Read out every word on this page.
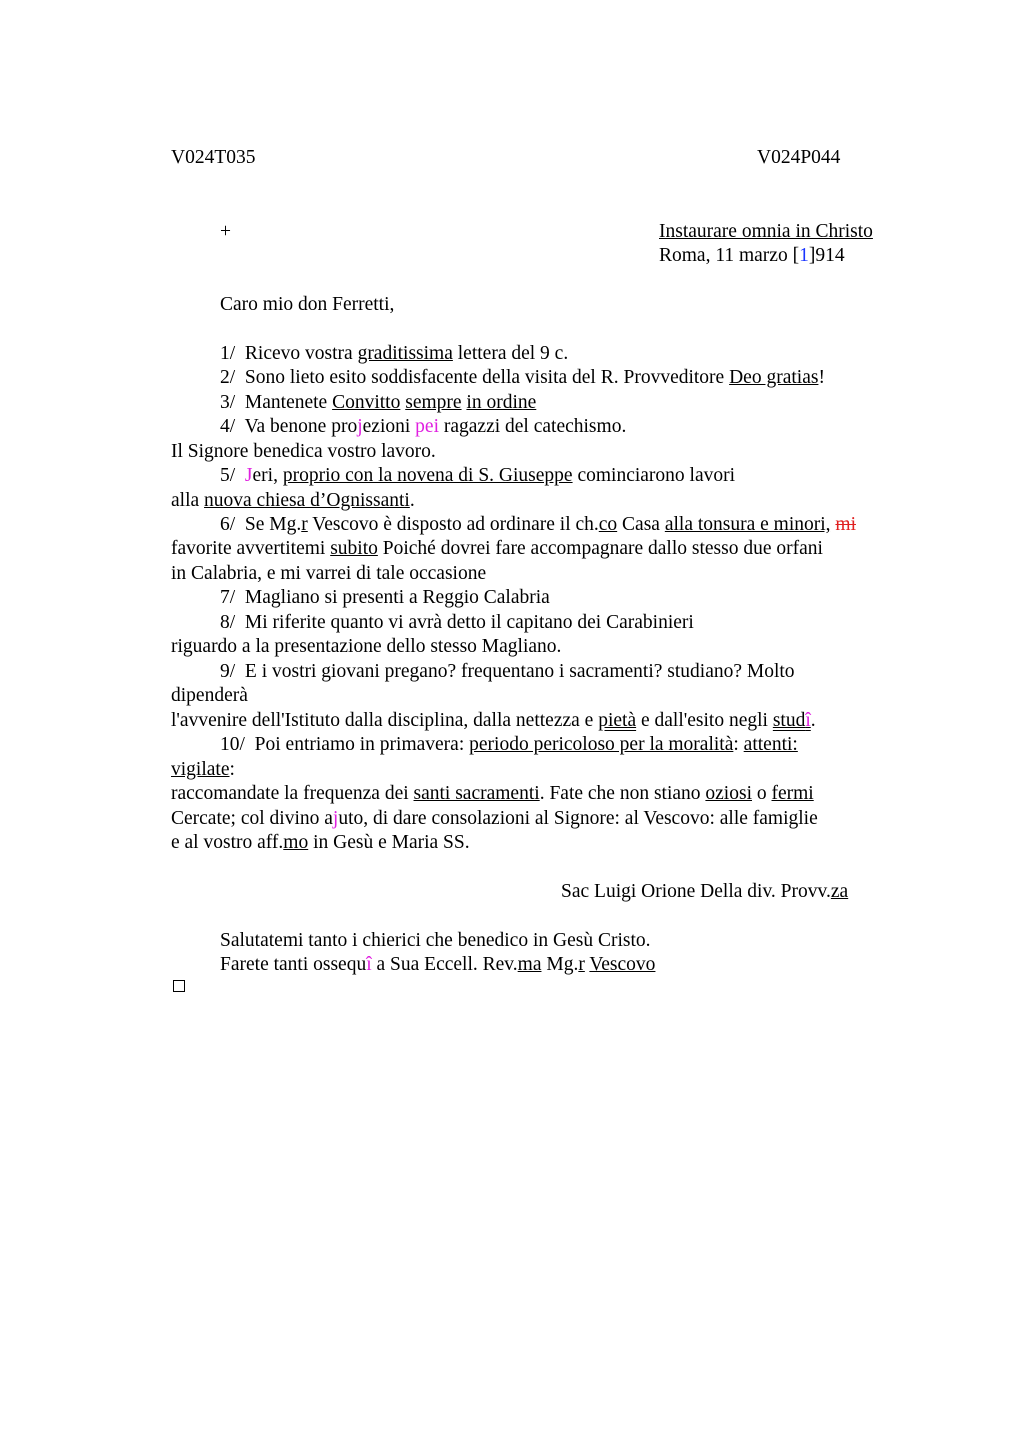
V024T035	V024P044
+	Instaurare omnia in Christo
Roma, 11 marzo [1]914
Caro mio don Ferretti,
1/ Ricevo vostra graditissima lettera del 9 c.
2/ Sono lieto esito soddisfacente della visita del R. Provveditore Deo gratias!
3/ Mantenete Convitto sempre in ordine
4/ Va benone projezioni pei ragazzi del catechismo.
Il Signore benedica vostro lavoro.
5/ Jeri, proprio con la novena di S. Giuseppe cominciarono lavori
alla nuova chiesa d’Ognissanti.
6/ Se Mg.r Vescovo è disposto ad ordinare il ch.co Casa alla tonsura e minori, mi
favorite avvertitemi subito Poiché dovrei fare accompagnare dallo stesso due orfani
in Calabria, e mi varrei di tale occasione
7/ Magliano si presenti a Reggio Calabria
8/ Mi riferite quanto vi avrà detto il capitano dei Carabinieri
riguardo a la presentazione dello stesso Magliano.
9/ E i vostri giovani pregano? frequentano i sacramenti? studiano? Molto
dipenderà
l'avvenire dell'Istituto dalla disciplina, dalla nettezza e pietà e dall'esito negli studî.
10/ Poi entriamo in primavera: periodo pericoloso per la moralità: attenti:
vigilate:
raccomandate la frequenza dei santi sacramenti. Fate che non stiano oziosi o fermi
Cercate; col divino ajuto, di dare consolazioni al Signore: al Vescovo: alle famiglie
e al vostro aff.mo in Gesù e Maria SS.
Sac Luigi Orione Della div. Provv.za
Salutatemi tanto i chierici che benedico in Gesù Cristo.
Farete tanti ossequî a Sua Eccell. Rev.ma Mg.r Vescovo
